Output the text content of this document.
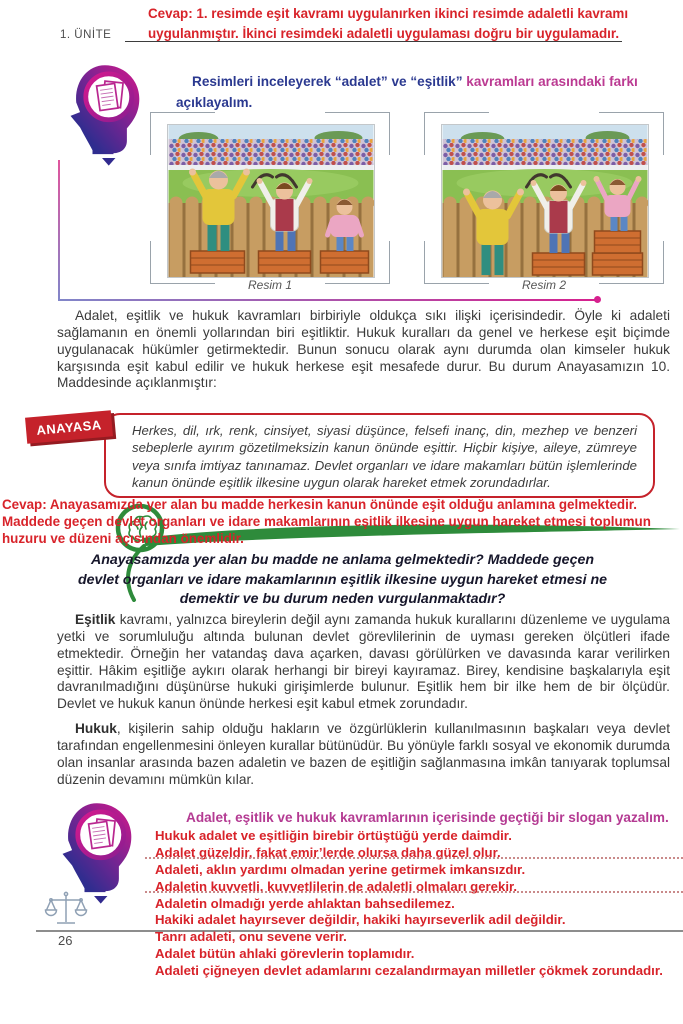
Cevap: 1. resimde eşit kavramı uygulanırken ikinci resimde adaletli kavramı uygulanmıştır. İkinci resimdeki adaletli uygulaması doğru bir uygulamadır.
1. ÜNİTE
Resimleri inceleyerek “adalet” ve “eşitlik” kavramları arasındaki farkı açıklayalım.
Resim 1	Resim 2
Adalet, eşitlik ve hukuk kavramları birbiriyle oldukça sıkı ilişki içerisindedir. Öyle ki adaleti sağlamanın en önemli yollarından biri eşitliktir. Hukuk kuralları da genel ve herkese eşit biçimde uygulanacak hükümler getirmektedir. Bunun sonucu olarak aynı durumda olan kimseler hukuk karşısında eşit kabul edilir ve hukuk herkese eşit mesafede durur. Bu durum Anayasamızın 10. Maddesinde açıklanmıştır:
Herkes, dil, ırk, renk, cinsiyet, siyasi düşünce, felsefi inanç, din, mezhep ve benzeri sebeplerle ayırım gözetilmeksizin kanun önünde eşittir. Hiçbir kişiye, aileye, zümreye veya sınıfa imtiyaz tanınamaz. Devlet organları ve idare makamları bütün işlemlerinde kanun önünde eşitlik ilkesine uygun olarak hareket etmek zorundadırlar.
ANAYASA
Cevap: Anayasamızda yer alan bu madde herkesin kanun önünde eşit olduğu anlamına gelmektedir. Maddede geçen devlet organları ve idare makamlarının eşitlik ilkesine uygun hareket etmesi toplumun huzuru ve düzeni açısından önemlidir.
Anayasamızda yer alan bu madde ne anlama gelmektedir? Maddede geçen devlet organları ve idare makamlarının eşitlik ilkesine uygun hareket etmesi ne demektir ve bu durum neden vurgulanmaktadır?
Eşitlik kavramı, yalnızca bireylerin değil aynı zamanda hukuk kurallarını düzenleme ve uygulama yetki ve sorumluluğu altında bulunan devlet görevlilerinin de uyması gereken ölçütleri ifade etmektedir. Örneğin her vatandaş dava açarken, davası görülürken ve davasında karar verilirken eşittir. Hâkim eşitliğe aykırı olarak herhangi bir bireyi kayıramaz. Birey, kendisine başkalarıyla eşit davranılmadığını düşünürse hukuki girişimlerde bulunur. Eşitlik hem bir ilke hem de bir ölçüdür. Devlet ve hukuk kanun önünde herkesi eşit kabul etmek zorundadır.
Hukuk, kişilerin sahip olduğu hakların ve özgürlüklerin kullanılmasının başkaları veya devlet tarafından engellenmesini önleyen kurallar bütünüdür. Bu yönüyle farklı sosyal ve ekonomik durumda olan insanlar arasında bazen adaletin ve bazen de eşitliğin sağlanmasına imkân tanıyarak toplumsal düzenin devamını mümkün kılar.
Adalet, eşitlik ve hukuk kavramlarının içerisinde geçtiği bir slogan yazalım.
26
Hukuk adalet ve eşitliğin birebir örtüştüğü yerde daimdir.
Adalet güzeldir, fakat emir’lerde olursa daha güzel olur.
Adaleti, aklın yardımı olmadan yerine getirmek imkansızdır.
Adaletin kuvvetli, kuvvetlilerin de adaletli olmaları gerekir.
Adaletin olmadığı yerde ahlaktan bahsedilemez.
Hakiki adalet hayırsever değildir, hakiki hayırseverlik adil değildir.
Tanrı adaleti, onu sevene verir.
Adalet bütün ahlaki görevlerin toplamıdır.
Adaleti çiğneyen devlet adamlarını cezalandırmayan milletler çökmek zorundadır.
